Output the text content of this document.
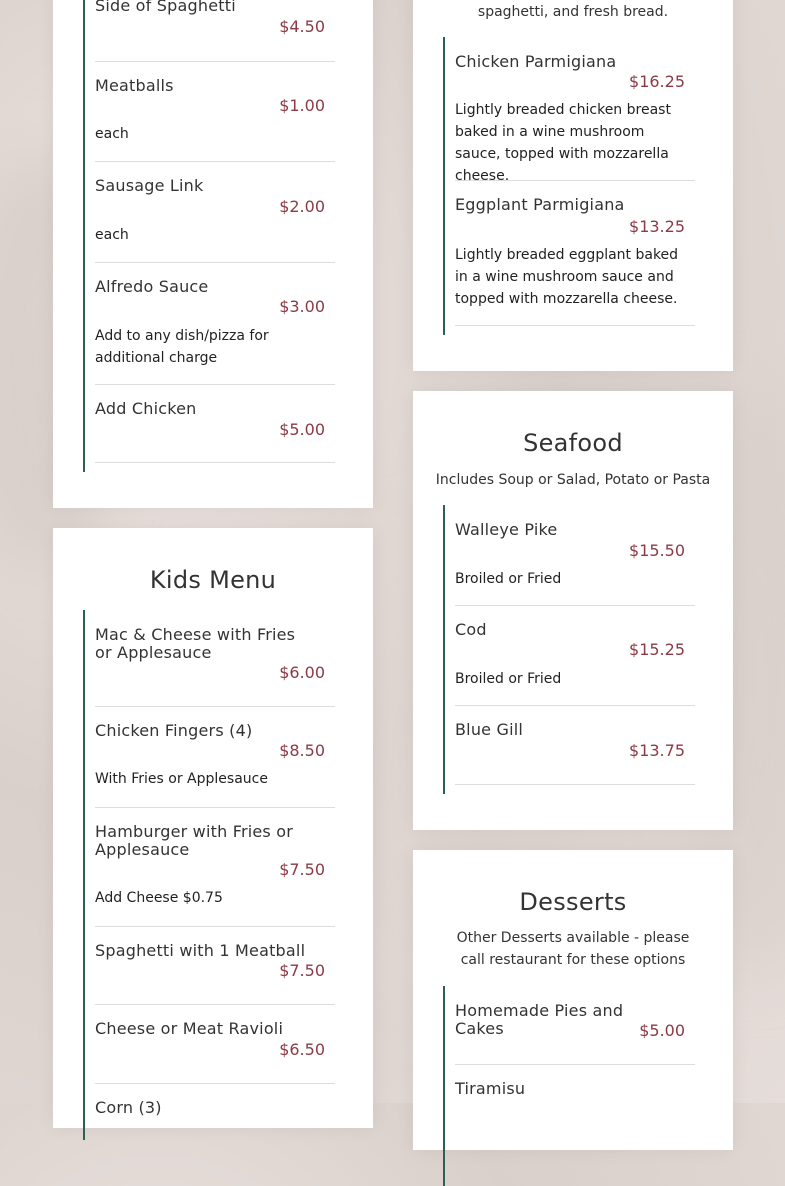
Side of Spaghetti
$4.50
Meatballs
$1.00
each
Sausage Link
$2.00
each
Alfredo Sauce
$3.00
Add to any dish/pizza for additional charge
Add Chicken
$5.00
Kids Menu
Mac & Cheese with Fries or Applesauce
$6.00
Chicken Fingers (4)
$8.50
With Fries or Applesauce
Hamburger with Fries or Applesauce
$7.50
Add Cheese $0.75
Spaghetti with 1 Meatball
$7.50
Cheese or Meat Ravioli
$6.50
Corn (3)
spaghetti, and fresh bread.
Chicken Parmigiana
$16.25
Lightly breaded chicken breast baked in a wine mushroom sauce, topped with mozzarella cheese.
Eggplant Parmigiana
$13.25
Lightly breaded eggplant baked in a wine mushroom sauce and topped with mozzarella cheese.
Seafood
Includes Soup or Salad, Potato or Pasta
Walleye Pike
$15.50
Broiled or Fried
Cod
$15.25
Broiled or Fried
Blue Gill
$13.75
Desserts
Other Desserts available - please call restaurant for these options
Homemade Pies and Cakes	$5.00
Tiramisu
